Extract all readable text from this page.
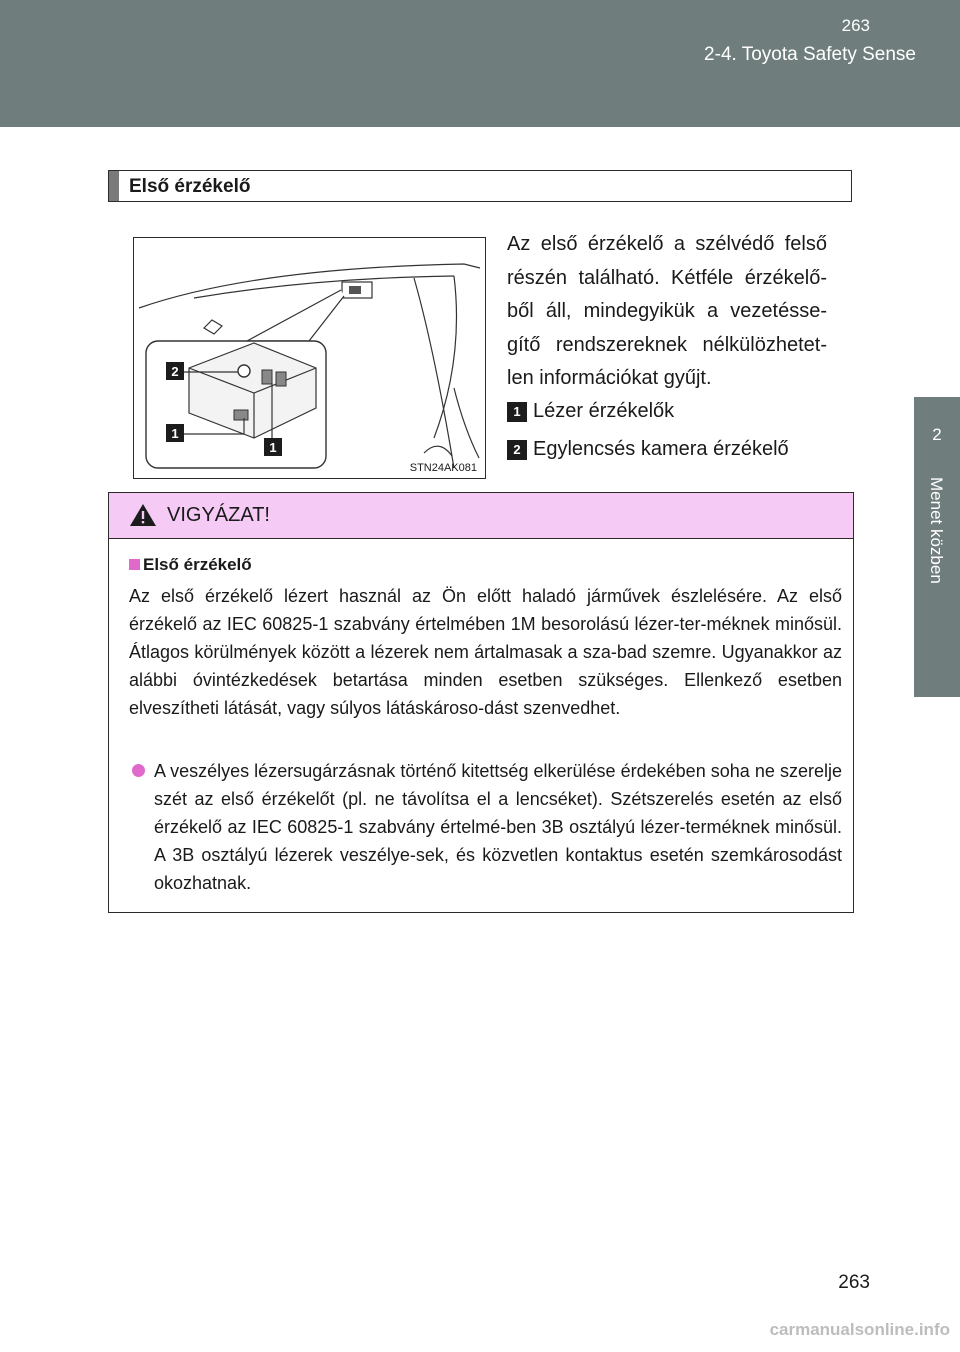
263
2-4. Toyota Safety Sense
2
Menet közben
Első érzékelő
2
1
1
STN24AK081

Az első érzékelő a szélvédő felső részén található. Kétféle érzékelő-ből áll, mindegyikük a vezetésse-gítő rendszereknek nélkülözhetet-len információkat gyűjt.

1 Lézer érzékelők
2 Egylencsés kamera érzékelő
VIGYÁZAT!
Első érzékelő

Az első érzékelő lézert használ az Ön előtt haladó járművek észlelésére. Az első érzékelő az IEC 60825-1 szabvány értelmében 1M besorolású lézer-ter-méknek minősül. Átlagos körülmények között a lézerek nem ártalmasak a sza-bad szemre. Ugyanakkor az alábbi óvintézkedések betartása minden esetben szükséges. Ellenkező esetben elveszítheti látását, vagy súlyos látáskároso-dást szenvedhet.

A veszélyes lézersugárzásnak történő kitettség elkerülése érdekében soha ne szerelje szét az első érzékelőt (pl. ne távolítsa el a lencséket). Szétszerelés esetén az első érzékelő az IEC 60825-1 szabvány értelmé-ben 3B osztályú lézer-terméknek minősül. A 3B osztályú lézerek veszélye-sek, és közvetlen kontaktus esetén szemkárosodást okozhatnak.
263
carmanualsonline.info
